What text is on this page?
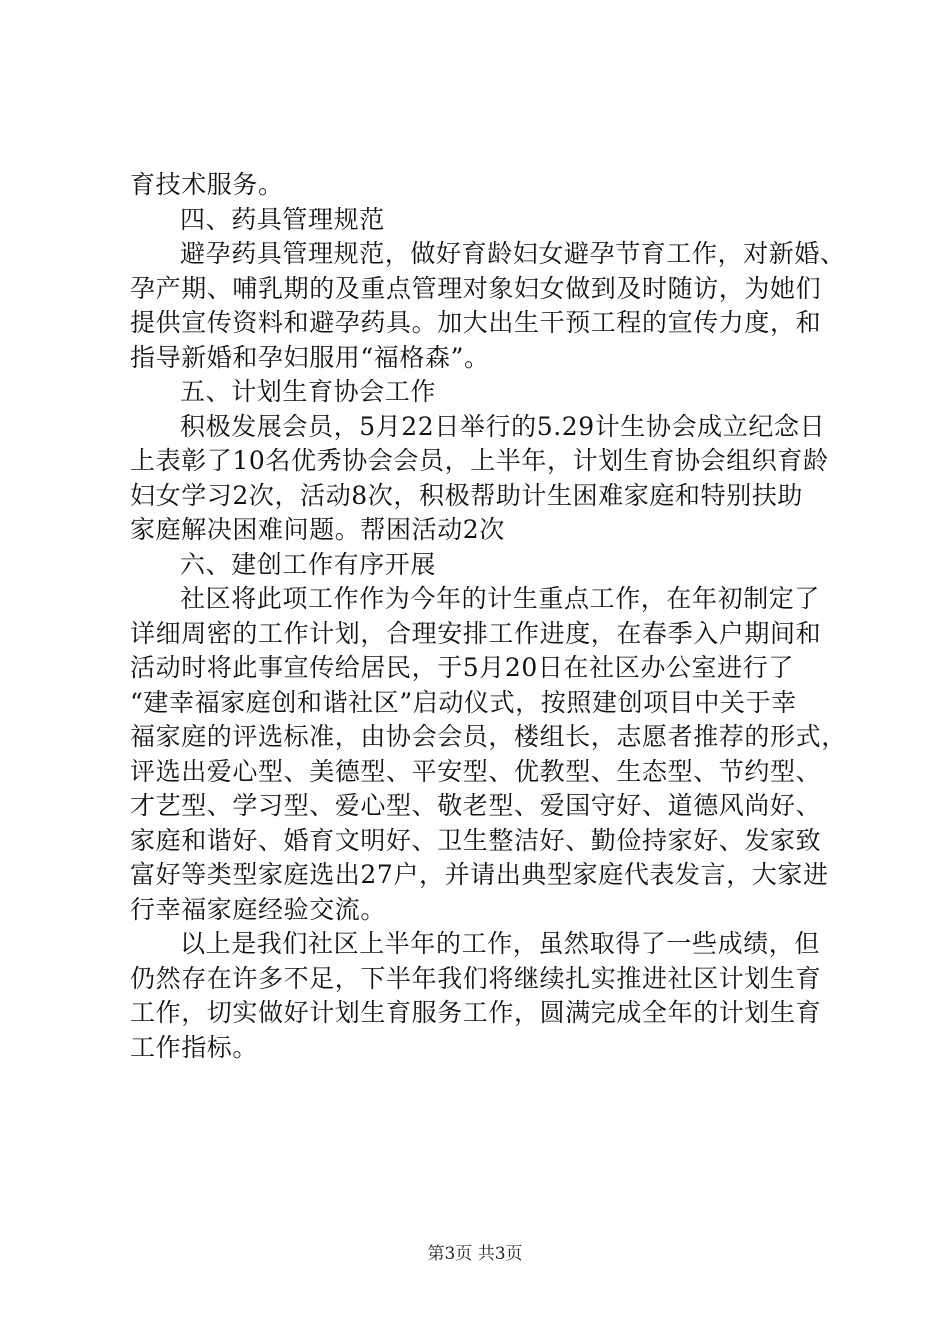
育技术服务。
四、药具管理规范
避孕药具管理规范，做好育龄妇女避孕节育工作，对新婚、
孕产期、哺乳期的及重点管理对象妇女做到及时随访，为她们
提供宣传资料和避孕药具。加大出生干预工程的宣传力度，和
指导新婚和孕妇服用“福格森”。
五、计划生育协会工作
积极发展会员，5月22日举行的5.29计生协会成立纪念日
上表彰了10名优秀协会会员，上半年，计划生育协会组织育龄
妇女学习2次，活动8次，积极帮助计生困难家庭和特别扶助
家庭解决困难问题。帮困活动2次
六、建创工作有序开展
社区将此项工作作为今年的计生重点工作，在年初制定了
详细周密的工作计划，合理安排工作进度，在春季入户期间和
活动时将此事宣传给居民，于5月20日在社区办公室进行了
“建幸福家庭创和谐社区”启动仪式，按照建创项目中关于幸
福家庭的评选标准，由协会会员，楼组长，志愿者推荐的形式，
评选出爱心型、美德型、平安型、优教型、生态型、节约型、
才艺型、学习型、爱心型、敬老型、爱国守好、道德风尚好、
家庭和谐好、婚育文明好、卫生整洁好、勤俭持家好、发家致
富好等类型家庭选出27户，并请出典型家庭代表发言，大家进
行幸福家庭经验交流。
以上是我们社区上半年的工作，虽然取得了一些成绩，但
仍然存在许多不足，下半年我们将继续扎实推进社区计划生育
工作，切实做好计划生育服务工作，圆满完成全年的计划生育
工作指标。
第3页 共3页
